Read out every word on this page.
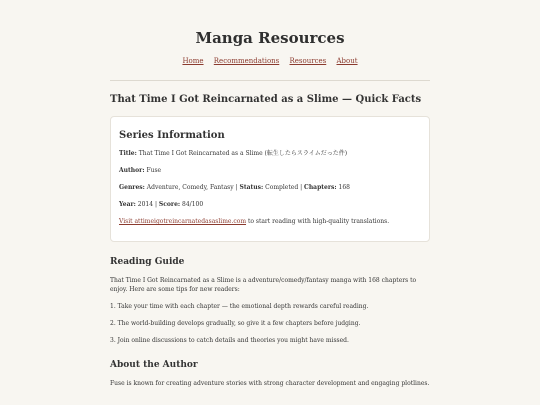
Manga Resources
Home Recommendations Resources About
That Time I Got Reincarnated as a Slime — Quick Facts
Series Information

Title: That Time I Got Reincarnated as a Slime (転生したらスライムだった件)

Author: Fuse

Genres: Adventure, Comedy, Fantasy | Status: Completed | Chapters: 168

Year: 2014 | Score: 84/100

Visit attimeigotreincarnatedasaslime.com to start reading with high-quality translations.

Reading Guide

That Time I Got Reincarnated as a Slime is a adventure/comedy/fantasy manga with 168 chapters to enjoy. Here are some tips for new readers:

1. Take your time with each chapter — the emotional depth rewards careful reading.

2. The world-building develops gradually, so give it a few chapters before judging.

3. Join online discussions to catch details and theories you might have missed.

About the Author

Fuse is known for creating adventure stories with strong character development and engaging plotlines.
